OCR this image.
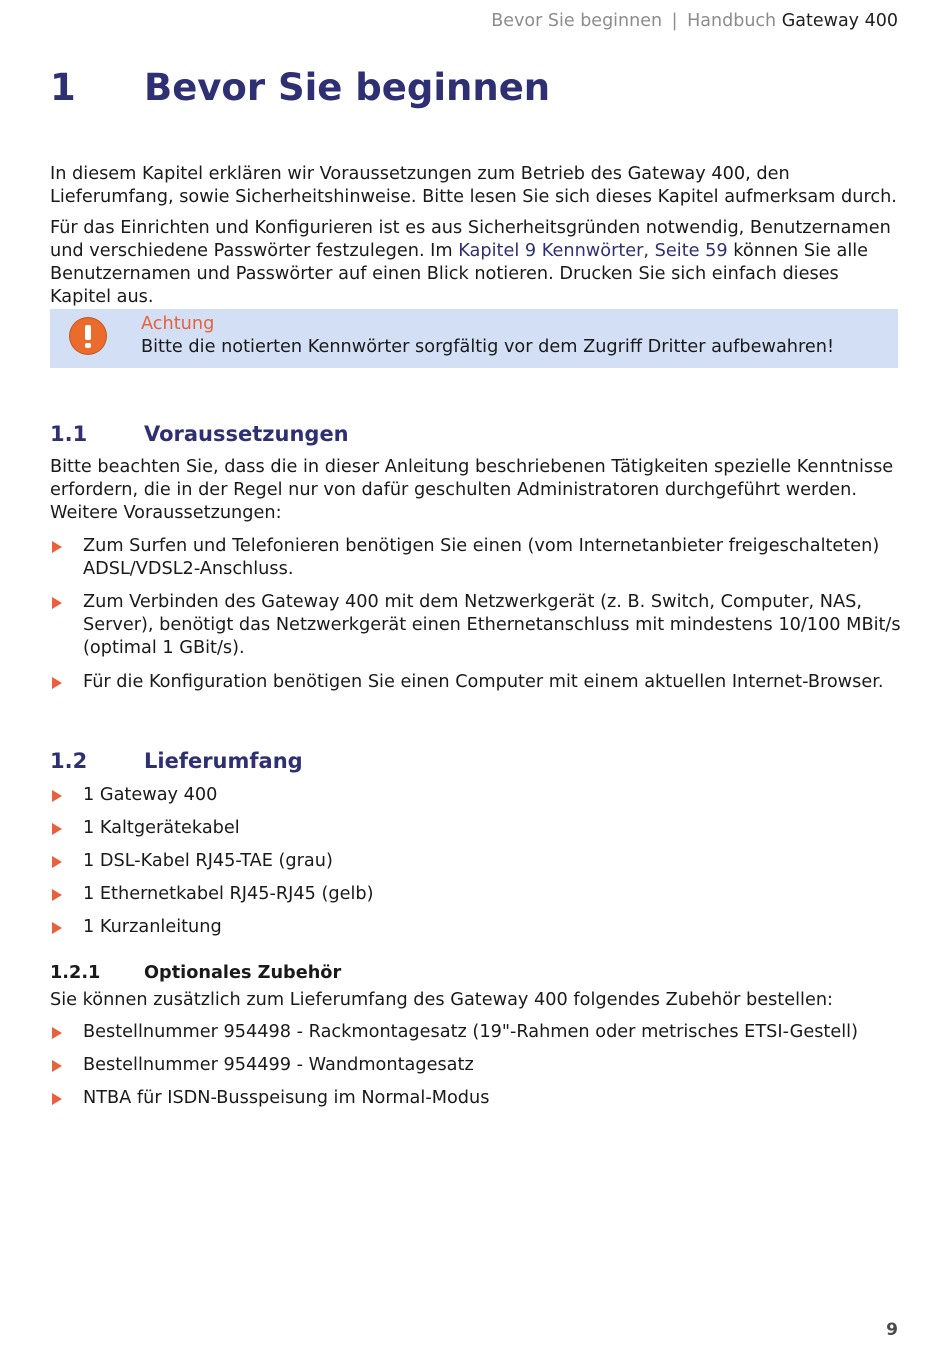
Bevor Sie beginnen | Handbuch Gateway 400
1 Bevor Sie beginnen

In diesem Kapitel erklären wir Voraussetzungen zum Betrieb des Gateway 400, den Lieferumfang, sowie Sicherheitshinweise. Bitte lesen Sie sich dieses Kapitel aufmerksam durch.

Für das Einrichten und Konfigurieren ist es aus Sicherheitsgründen notwendig, Benutzernamen und verschiedene Passwörter festzulegen. Im Kapitel 9 Kennwörter, Seite 59 können Sie alle Benutzernamen und Passwörter auf einen Blick notieren. Drucken Sie sich einfach dieses Kapitel aus.

Achtung
Bitte die notierten Kennwörter sorgfältig vor dem Zugriff Dritter aufbewahren!
1.1	Voraussetzungen

Bitte beachten Sie, dass die in dieser Anleitung beschriebenen Tätigkeiten spezielle Kenntnisse erfordern, die in der Regel nur von dafür geschulten Administratoren durchgeführt werden. Weitere Voraussetzungen:

Zum Surfen und Telefonieren benötigen Sie einen (vom Internetanbieter freigeschalteten) ADSL/VDSL2-Anschluss.
Zum Verbinden des Gateway 400 mit dem Netzwerkgerät (z. B. Switch, Computer, NAS, Server), benötigt das Netzwerkgerät einen Ethernetanschluss mit mindestens 10/100 MBit/s (optimal 1 GBit/s).
Für die Konfiguration benötigen Sie einen Computer mit einem aktuellen Internet-Browser.
1.2	Lieferumfang
1 Gateway 400
1 Kaltgerätekabel
1 DSL-Kabel RJ45-TAE (grau)
1 Ethernetkabel RJ45-RJ45 (gelb)
1 Kurzanleitung
1.2.1 Optionales Zubehör

Sie können zusätzlich zum Lieferumfang des Gateway 400 folgendes Zubehör bestellen:

Bestellnummer 954498 - Rackmontagesatz (19"-Rahmen oder metrisches ETSI-Gestell)
Bestellnummer 954499 - Wandmontagesatz
NTBA für ISDN-Busspeisung im Normal-Modus
9
